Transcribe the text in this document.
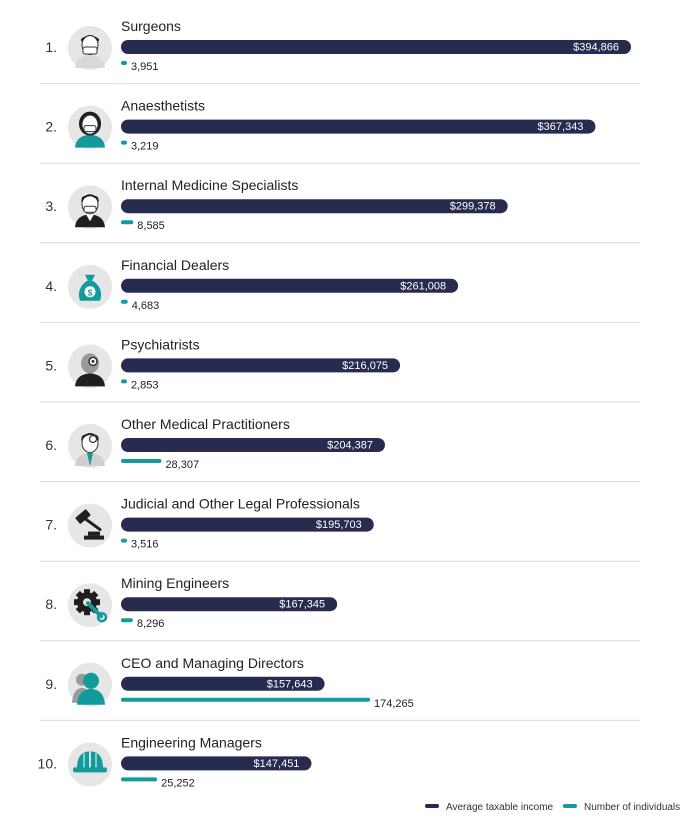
1.
Surgeons
$394,866
3,951
2.
Anaesthetists
$367,343
3,219
3.
Internal Medicine Specialists
$299,378
8,585
4.	$
Financial Dealers
$261,008
4,683
5.
Psychiatrists
$216,075
2,853
6.
Other Medical Practitioners
$204,387
28,307
7.
Judicial and Other Legal Professionals
$195,703
3,516
8.
Mining Engineers
$167,345
8,296
9.
CEO and Managing Directors
$157,643
174,265
10.
Engineering Managers
$147,451
25,252
Average taxable income	Number of individuals
